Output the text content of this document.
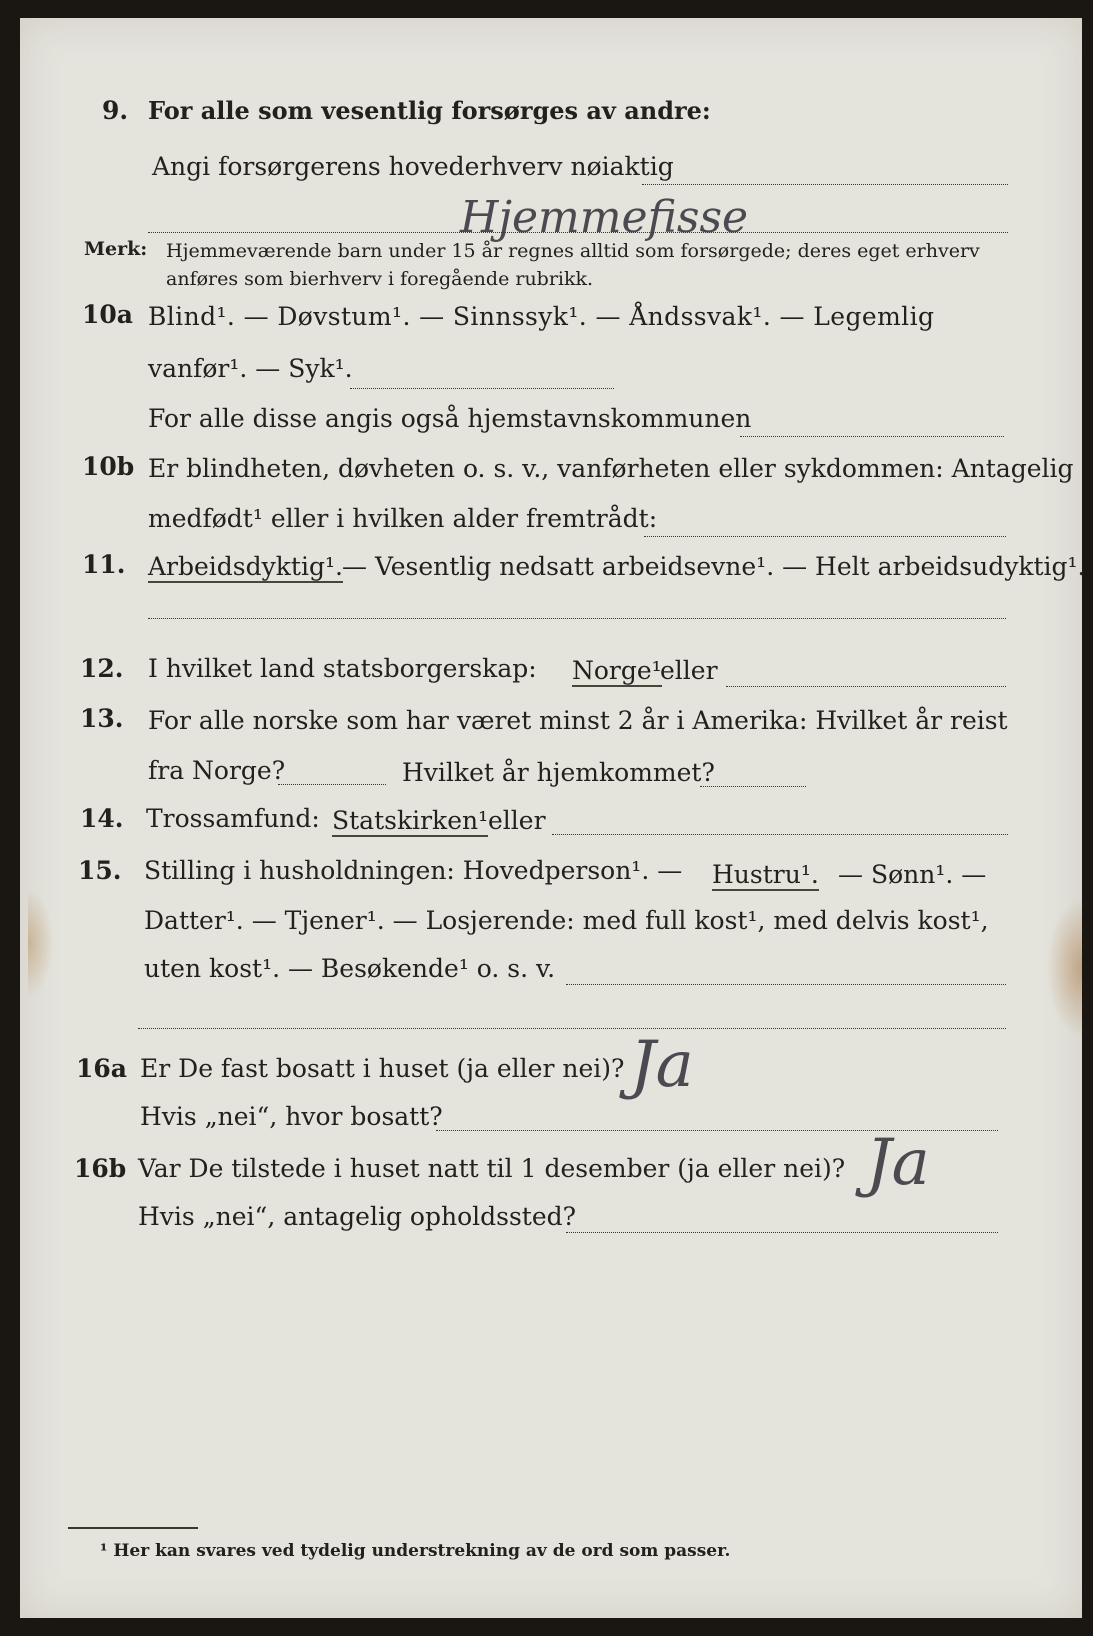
9. For alle som vesentlig forsørges av andre:
Angi forsørgerens hovederhverv nøiaktig
Hjemmefisse
Merk: Hjemmeværende barn under 15 år regnes alltid som forsørgede; deres eget erhverv
anføres som bierhverv i foregående rubrikk.
10a Blind¹. — Døvstum¹. — Sinnssyk¹. — Åndssvak¹. — Legemlig
vanfør¹. — Syk¹.
For alle disse angis også hjemstavnskommunen
10b Er blindheten, døvheten o. s. v., vanførheten eller sykdommen: Antagelig
medfødt¹ eller i hvilken alder fremtrådt:
11. Arbeidsdyktig¹. — Vesentlig nedsatt arbeidsevne¹. — Helt arbeidsudyktig¹.
12. I hvilket land statsborgerskap: Norge¹
eller
13. For alle norske som har været minst 2 år i Amerika: Hvilket år reist
fra Norge?	Hvilket år hjemkommet?
14. Trossamfund: Statskirken¹ eller
15. Stilling i husholdningen: Hovedperson¹. — Hustru¹. — Sønn¹. —
Datter¹. — Tjener¹. — Losjerende: med full kost¹, med delvis kost¹,
uten kost¹. — Besøkende¹ o. s. v.
16a Er De fast bosatt i huset (ja eller nei)? Ja
Hvis „nei“, hvor bosatt?
16b Var De tilstede i huset natt til 1 desember (ja eller nei)? Ja
Hvis „nei“, antagelig opholdssted?
¹ Her kan svares ved tydelig understrekning av de ord som passer.
